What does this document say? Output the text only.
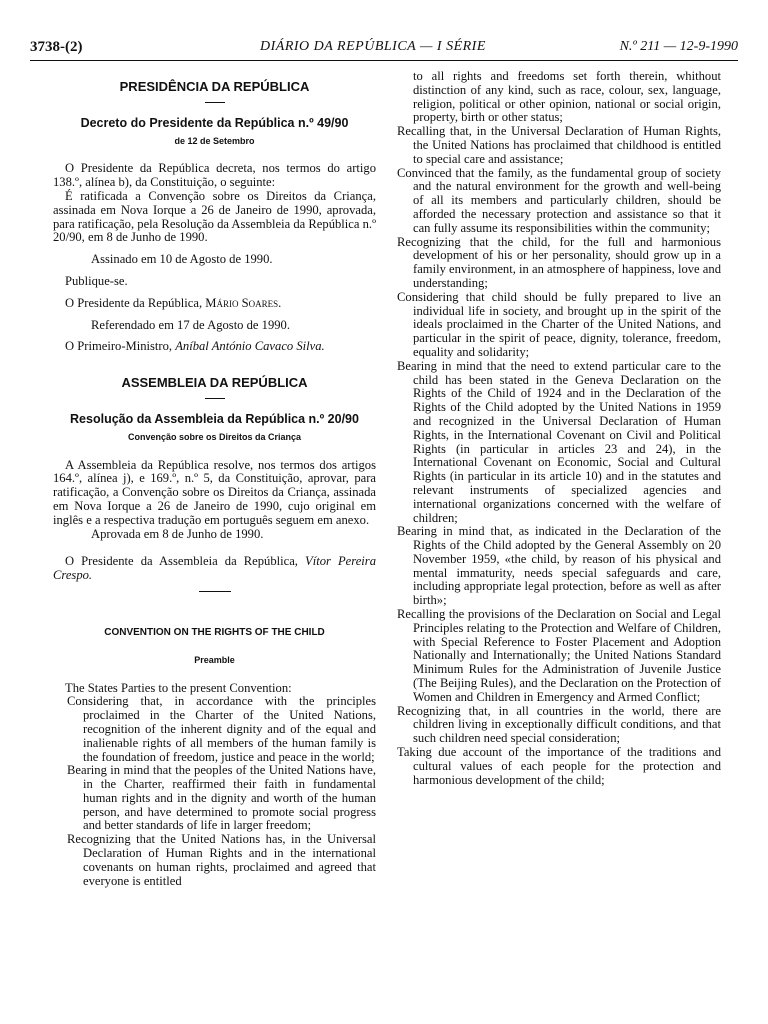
3738-(2)	DIÁRIO DA REPÚBLICA — I SÉRIE	N.º 211 — 12-9-1990
PRESIDÊNCIA DA REPÚBLICA
Decreto do Presidente da República n.º 49/90
de 12 de Setembro

O Presidente da República decreta, nos termos do artigo 138.º, alínea b), da Constituição, o seguinte:

É ratificada a Convenção sobre os Direitos da Criança, assinada em Nova Iorque a 26 de Janeiro de 1990, aprovada, para ratificação, pela Resolução da Assembleia da República n.º 20/90, em 8 de Junho de 1990.

Assinado em 10 de Agosto de 1990.

Publique-se.

O Presidente da República, Mário Soares.

Referendado em 17 de Agosto de 1990.

O Primeiro-Ministro, Aníbal António Cavaco Silva.

ASSEMBLEIA DA REPÚBLICA
Resolução da Assembleia da República n.º 20/90
Convenção sobre os Direitos da Criança

A Assembleia da República resolve, nos termos dos artigos 164.º, alínea j), e 169.º, n.º 5, da Constituição, aprovar, para ratificação, a Convenção sobre os Direitos da Criança, assinada em Nova Iorque a 26 de Janeiro de 1990, cujo original em inglês e a respectiva tradução em português seguem em anexo.

Aprovada em 8 de Junho de 1990.

O Presidente da Assembleia da República, Vítor Pereira Crespo.

CONVENTION ON THE RIGHTS OF THE CHILD
Preamble

The States Parties to the present Convention:

Considering that, in accordance with the principles proclaimed in the Charter of the United Nations, recognition of the inherent dignity and of the equal and inalienable rights of all members of the human family is the foundation of freedom, justice and peace in the world;

Bearing in mind that the peoples of the United Nations have, in the Charter, reaffirmed their faith in fundamental human rights and in the dignity and worth of the human person, and have determined to promote social progress and better standards of life in larger freedom;

Recognizing that the United Nations has, in the Universal Declaration of Human Rights and in the international covenants on human rights, proclaimed and agreed that everyone is entitled

to all rights and freedoms set forth therein, whithout distinction of any kind, such as race, colour, sex, language, religion, political or other opinion, national or social origin, property, birth or other status;

Recalling that, in the Universal Declaration of Human Rights, the United Nations has proclaimed that childhood is entitled to special care and assistance;

Convinced that the family, as the fundamental group of society and the natural environment for the growth and well-being of all its members and particularly children, should be afforded the necessary protection and assistance so that it can fully assume its responsibilities within the community;

Recognizing that the child, for the full and harmonious development of his or her personality, should grow up in a family environment, in an atmosphere of happiness, love and understanding;

Considering that child should be fully prepared to live an individual life in society, and brought up in the spirit of the ideals proclaimed in the Charter of the United Nations, and particular in the spirit of peace, dignity, tolerance, freedom, equality and solidarity;

Bearing in mind that the need to extend particular care to the child has been stated in the Geneva Declaration on the Rights of the Child of 1924 and in the Declaration of the Rights of the Child adopted by the United Nations in 1959 and recognized in the Universal Declaration of Human Rights, in the International Covenant on Civil and Political Rights (in particular in articles 23 and 24), in the International Covenant on Economic, Social and Cultural Rights (in particular in its article 10) and in the statutes and relevant instruments of specialized agencies and international organizations concerned with the welfare of children;

Bearing in mind that, as indicated in the Declaration of the Rights of the Child adopted by the General Assembly on 20 November 1959, «the child, by reason of his physical and mental immaturity, needs special safeguards and care, including appropriate legal protection, before as well as after birth»;

Recalling the provisions of the Declaration on Social and Legal Principles relating to the Protection and Welfare of Children, with Special Reference to Foster Placement and Adoption Nationally and Internationally; the United Nations Standard Minimum Rules for the Administration of Juvenile Justice (The Beijing Rules), and the Declaration on the Protection of Women and Children in Emergency and Armed Conflict;

Recognizing that, in all countries in the world, there are children living in exceptionally difficult conditions, and that such children need special consideration;

Taking due account of the importance of the traditions and cultural values of each people for the protection and harmonious development of the child;
